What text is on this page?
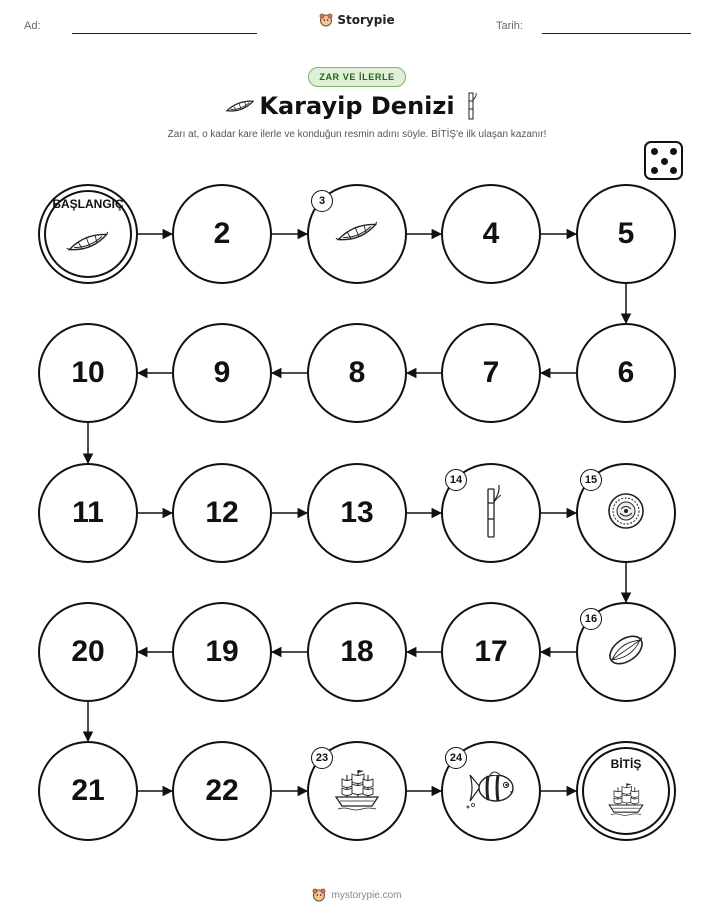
Ad:	Storypie	Tarih:
ZAR VE İLERLE
Karayip Denizi
Zarı at, o kadar kare ilerle ve konduğun resmin adını söyle. BİTİŞ'e ilk ulaşan kazanır!
BAŞLANGIÇ
2
3
4	5
10	9	8	7	6
11	12	13
14	15
20	19	18	17
16
21	22
23	24	BİTİŞ
mystorypie.com
